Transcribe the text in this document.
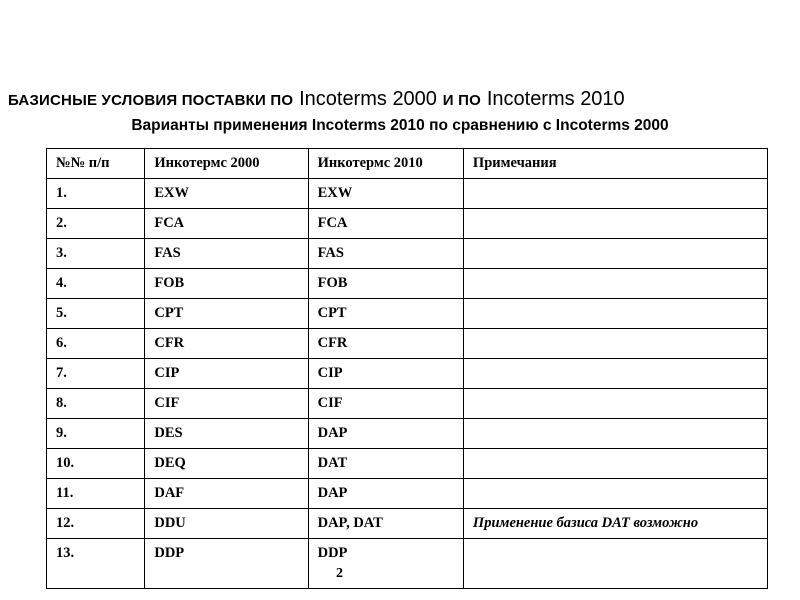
БАЗИСНЫЕ УСЛОВИЯ ПОСТАВКИ ПО Incoterms 2000 И ПО Incoterms 2010
Варианты применения Incoterms 2010 по сравнению с Incoterms 2000
№№ п/п	Инкотермс 2000	Инкотермс 2010	Примечания
1.	EXW	EXW	
2.	FCA	FCA	
3.	FAS	FAS	
4.	FOB	FOB	
5.	CPT	CPT	
6.	CFR	CFR	
7.	CIP	CIP	
8.	CIF	CIF	
9.	DES	DAP	
10.	DEQ	DAT	
11.	DAF	DAP	
12.	DDU	DAP, DAT	Применение базиса DAT возможно
13.	DDP	DDP	
2
